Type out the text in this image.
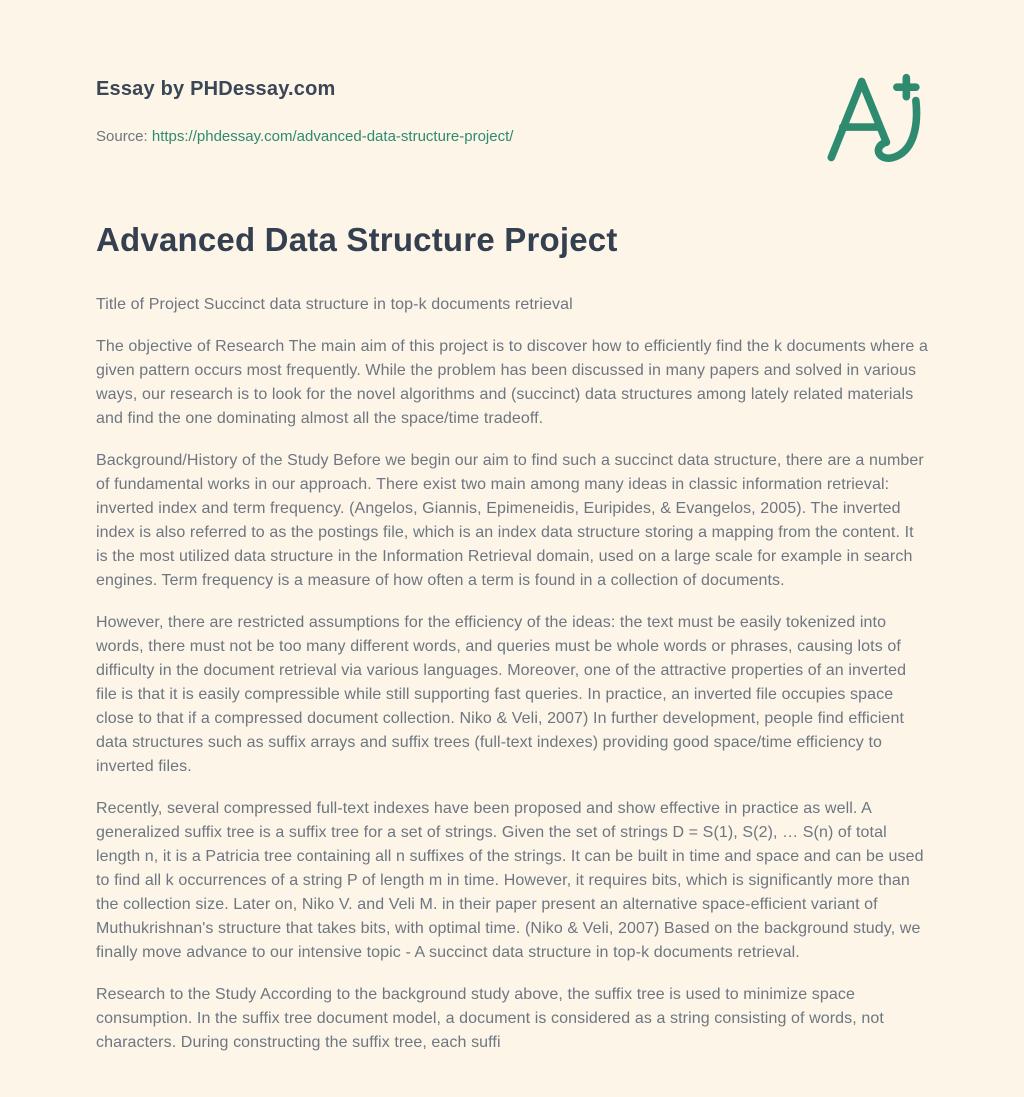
Essay by PHDessay.com
Source: https://phdessay.com/advanced-data-structure-project/
Advanced Data Structure Project

Title of Project Succinct data structure in top-k documents retrieval

The objective of Research The main aim of this project is to discover how to efficiently find the k documents where a given pattern occurs most frequently. While the problem has been discussed in many papers and solved in various ways, our research is to look for the novel algorithms and (succinct) data structures among lately related materials and find the one dominating almost all the space/time tradeoff.

Background/History of the Study Before we begin our aim to find such a succinct data structure, there are a number of fundamental works in our approach. There exist two main among many ideas in classic information retrieval: inverted index and term frequency. (Angelos, Giannis, Epimeneidis, Euripides, & Evangelos, 2005). The inverted index is also referred to as the postings file, which is an index data structure storing a mapping from the content. It is the most utilized data structure in the Information Retrieval domain, used on a large scale for example in search engines. Term frequency is a measure of how often a term is found in a collection of documents.

However, there are restricted assumptions for the efficiency of the ideas: the text must be easily tokenized into words, there must not be too many different words, and queries must be whole words or phrases, causing lots of difficulty in the document retrieval via various languages. Moreover, one of the attractive properties of an inverted file is that it is easily compressible while still supporting fast queries. In practice, an inverted file occupies space close to that if a compressed document collection. Niko & Veli, 2007) In further development, people find efficient data structures such as suffix arrays and suffix trees (full-text indexes) providing good space/time efficiency to inverted files.

Recently, several compressed full-text indexes have been proposed and show effective in practice as well. A generalized suffix tree is a suffix tree for a set of strings. Given the set of strings D = S(1), S(2), … S(n) of total length n, it is a Patricia tree containing all n suffixes of the strings. It can be built in time and space and can be used to find all k occurrences of a string P of length m in time. However, it requires bits, which is significantly more than the collection size. Later on, Niko V. and Veli M. in their paper present an alternative space-efficient variant of Muthukrishnan's structure that takes bits, with optimal time. (Niko & Veli, 2007) Based on the background study, we finally move advance to our intensive topic - A succinct data structure in top-k documents retrieval.

Research to the Study According to the background study above, the suffix tree is used to minimize space consumption. In the suffix tree document model, a document is considered as a string consisting of words, not characters. During constructing the suffix tree, each suffi
